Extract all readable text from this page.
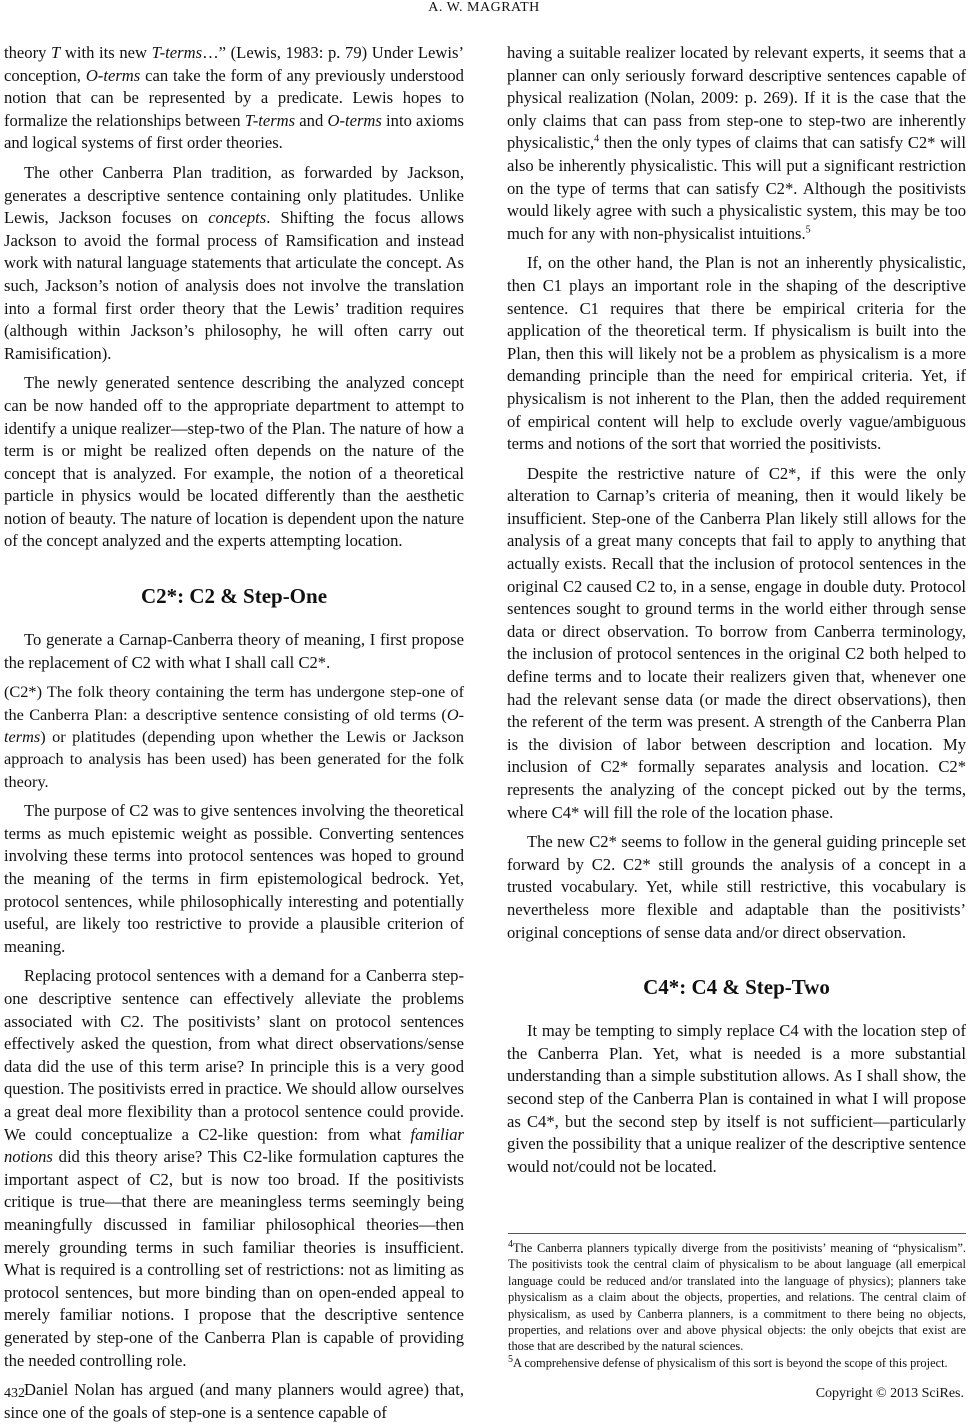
A. W. MAGRATH

theory T with its new T-terms…” (Lewis, 1983: p. 79) Under Lewis’ conception, O-terms can take the form of any previously understood notion that can be represented by a predicate. Lewis hopes to formalize the relationships between T-terms and O-terms into axioms and logical systems of first order theories.

The other Canberra Plan tradition, as forwarded by Jackson, generates a descriptive sentence containing only platitudes. Unlike Lewis, Jackson focuses on concepts. Shifting the focus allows Jackson to avoid the formal process of Ramsification and instead work with natural language statements that articulate the concept. As such, Jackson’s notion of analysis does not involve the translation into a formal first order theory that the Lewis’ tradition requires (although within Jackson’s philosophy, he will often carry out Ramisification).

The newly generated sentence describing the analyzed concept can be now handed off to the appropriate department to attempt to identify a unique realizer—step-two of the Plan. The nature of how a term is or might be realized often depends on the nature of the concept that is analyzed. For example, the notion of a theoretical particle in physics would be located differently than the aesthetic notion of beauty. The nature of location is dependent upon the nature of the concept analyzed and the experts attempting location.

C2*: C2 & Step-One

To generate a Carnap-Canberra theory of meaning, I first propose the replacement of C2 with what I shall call C2*.

(C2*) The folk theory containing the term has undergone step-one of the Canberra Plan: a descriptive sentence consisting of old terms (O-terms) or platitudes (depending upon whether the Lewis or Jackson approach to analysis has been used) has been generated for the folk theory.

The purpose of C2 was to give sentences involving the theoretical terms as much epistemic weight as possible. Converting sentences involving these terms into protocol sentences was hoped to ground the meaning of the terms in firm epistemological bedrock. Yet, protocol sentences, while philosophically interesting and potentially useful, are likely too restrictive to provide a plausible criterion of meaning.

Replacing protocol sentences with a demand for a Canberra step-one descriptive sentence can effectively alleviate the problems associated with C2. The positivists’ slant on protocol sentences effectively asked the question, from what direct observations/sense data did the use of this term arise? In principle this is a very good question. The positivists erred in practice. We should allow ourselves a great deal more flexibility than a protocol sentence could provide. We could conceptualize a C2-like question: from what familiar notions did this theory arise? This C2-like formulation captures the important aspect of C2, but is now too broad. If the positivists critique is true—that there are meaningless terms seemingly being meaningfully discussed in familiar philosophical theories—then merely grounding terms in such familiar theories is insufficient. What is required is a controlling set of restrictions: not as limiting as protocol sentences, but more binding than on open-ended appeal to merely familiar notions. I propose that the descriptive sentence generated by step-one of the Canberra Plan is capable of providing the needed controlling role.

Daniel Nolan has argued (and many planners would agree) that, since one of the goals of step-one is a sentence capable of

having a suitable realizer located by relevant experts, it seems that a planner can only seriously forward descriptive sentences capable of physical realization (Nolan, 2009: p. 269). If it is the case that the only claims that can pass from step-one to step-two are inherently physicalistic,$^4$ then the only types of claims that can satisfy C2* will also be inherently physicalistic. This will put a significant restriction on the type of terms that can satisfy C2*. Although the positivists would likely agree with such a physicalistic system, this may be too much for any with non-physicalist intuitions.$^5$

If, on the other hand, the Plan is not an inherently physicalistic, then C1 plays an important role in the shaping of the descriptive sentence. C1 requires that there be empirical criteria for the application of the theoretical term. If physicalism is built into the Plan, then this will likely not be a problem as physicalism is a more demanding principle than the need for empirical criteria. Yet, if physicalism is not inherent to the Plan, then the added requirement of empirical content will help to exclude overly vague/ambiguous terms and notions of the sort that worried the positivists.

Despite the restrictive nature of C2*, if this were the only alteration to Carnap’s criteria of meaning, then it would likely be insufficient. Step-one of the Canberra Plan likely still allows for the analysis of a great many concepts that fail to apply to anything that actually exists. Recall that the inclusion of protocol sentences in the original C2 caused C2 to, in a sense, engage in double duty. Protocol sentences sought to ground terms in the world either through sense data or direct observation. To borrow from Canberra terminology, the inclusion of protocol sentences in the original C2 both helped to define terms and to locate their realizers given that, whenever one had the relevant sense data (or made the direct observations), then the referent of the term was present. A strength of the Canberra Plan is the division of labor between description and location. My inclusion of C2* formally separates analysis and location. C2* represents the analyzing of the concept picked out by the terms, where C4* will fill the role of the location phase.

The new C2* seems to follow in the general guiding princeple set forward by C2. C2* still grounds the analysis of a concept in a trusted vocabulary. Yet, while still restrictive, this vocabulary is nevertheless more flexible and adaptable than the positivists’ original conceptions of sense data and/or direct observation.

C4*: C4 & Step-Two

It may be tempting to simply replace C4 with the location step of the Canberra Plan. Yet, what is needed is a more substantial understanding than a simple substitution allows. As I shall show, the second step of the Canberra Plan is contained in what I will propose as C4*, but the second step by itself is not sufficient—particularly given the possibility that a unique realizer of the descriptive sentence would not/could not be located.

$^4$The Canberra planners typically diverge from the positivists’ meaning of “physicalism”. The positivists took the central claim of physicalism to be about language (all emerpical language could be reduced and/or translated into the language of physics); planners take physicalism as a claim about the objects, properties, and relations. The central claim of physicalism, as used by Canberra planners, is a commitment to there being no objects, properties, and relations over and above physical objects: the only obejcts that exist are those that are described by the natural sciences.
$^5$A comprehensive defense of physicalism of this sort is beyond the scope of this project.
432	Copyright © 2013 SciRes.
